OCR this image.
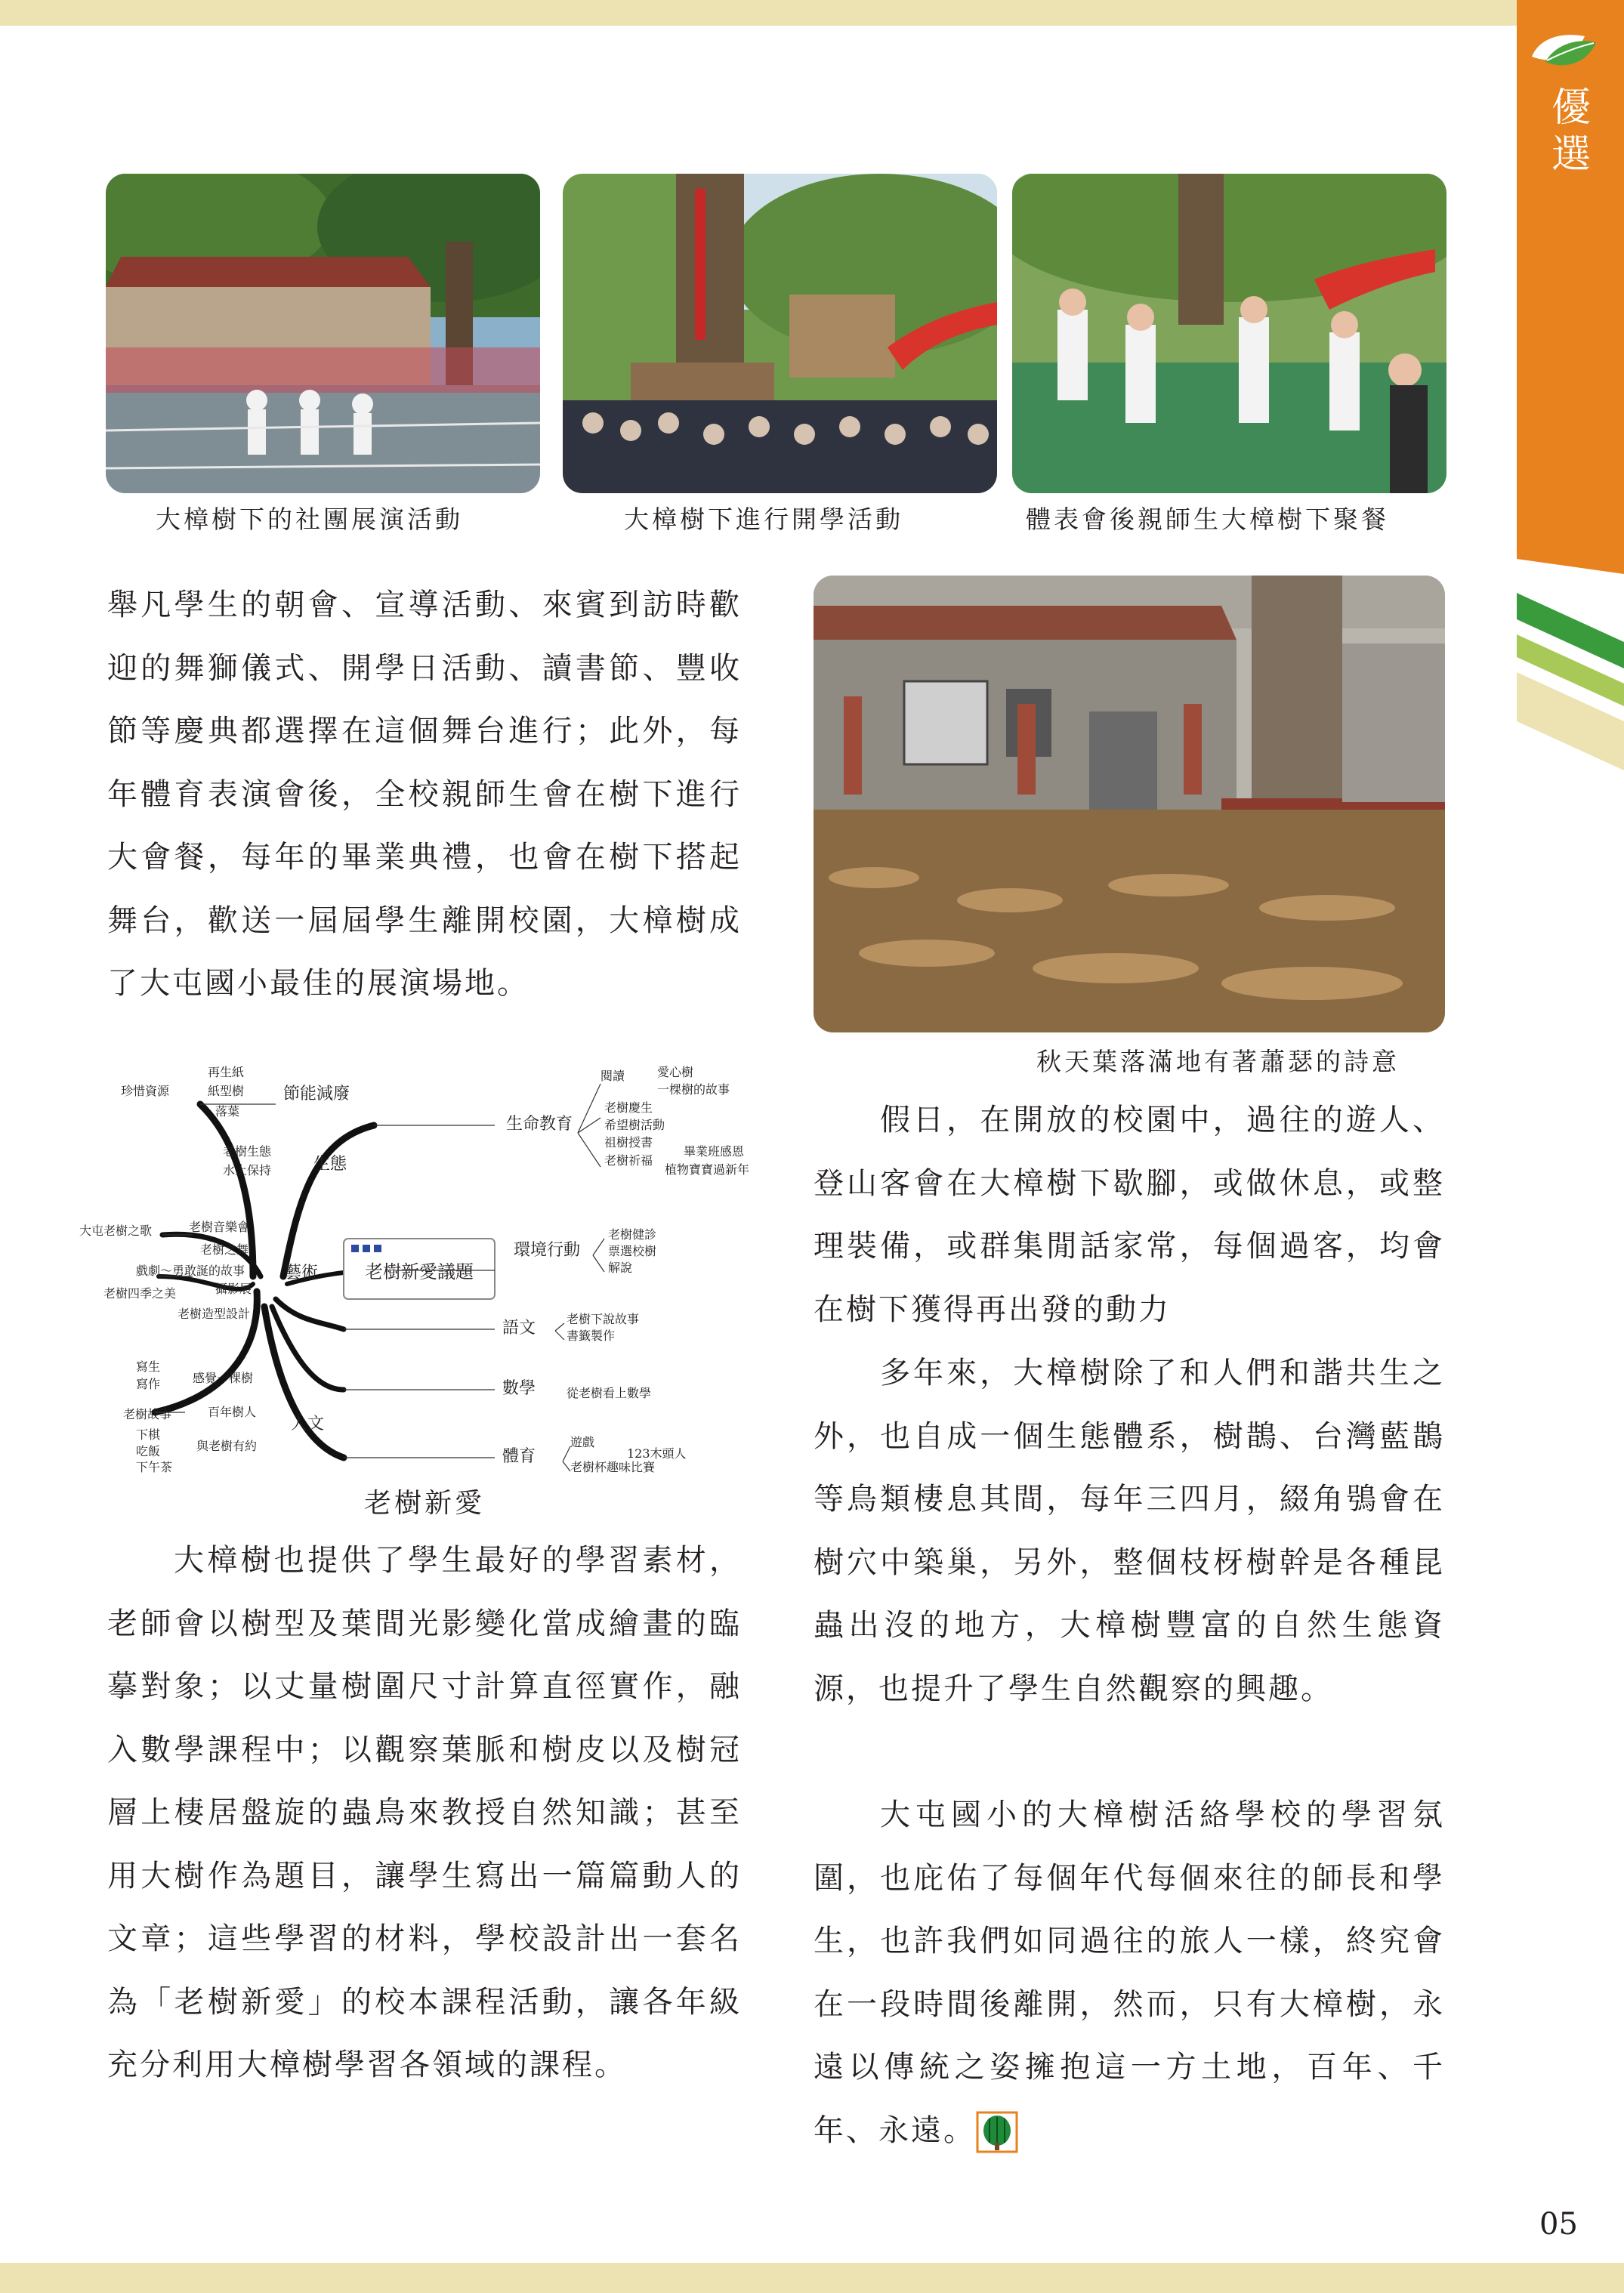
優
選
大樟樹下的社團展演活動	大樟樹下進行開學活動	體表會後親師生大樟樹下聚餐

舉凡學生的朝會、宣導活動、來賓到訪時歡迎的舞獅儀式、開學日活動、讀書節、豐收節等慶典都選擇在這個舞台進行；此外，每年體育表演會後，全校親師生會在樹下進行大會餐，每年的畢業典禮，也會在樹下搭起舞台，歡送一屆屆學生離開校園，大樟樹成了大屯國小最佳的展演場地。

老樹新愛議題
節能減廢
再生紙
紙型樹
落葉
珍惜資源
生態
老樹生態
水土保持
藝術
老樹音樂會
大屯老樹之歌
老樹之舞
戲劇～勇敢誕的故事
攝影展
老樹四季之美
老樹造型設計
人文
感覺一棵樹
寫生
寫作
百年樹人
老樹故事
與老樹有約
下棋
吃飯
下午茶
生命教育
閱讀	愛心樹
一棵樹的故事
老樹慶生
希望樹活動
祖樹授書
老樹祈福
畢業班感恩
植物寶寶過新年
環境行動
老樹健診
票選校樹
解說
語文	老樹下說故事
書籤製作
數學	從老樹看上數學
體育
遊戲
123木頭人
老樹杯趣味比賽
老樹新愛

大樟樹也提供了學生最好的學習素材，老師會以樹型及葉間光影變化當成繪畫的臨摹對象；以丈量樹圍尺寸計算直徑實作，融入數學課程中；以觀察葉脈和樹皮以及樹冠層上棲居盤旋的蟲鳥來教授自然知識；甚至用大樹作為題目，讓學生寫出一篇篇動人的文章；這些學習的材料，學校設計出一套名為「老樹新愛」的校本課程活動，讓各年級充分利用大樟樹學習各領域的課程。

秋天葉落滿地有著蕭瑟的詩意

假日，在開放的校園中，過往的遊人、登山客會在大樟樹下歇腳，或做休息，或整理裝備，或群集閒話家常，每個過客，均會在樹下獲得再出發的動力

多年來，大樟樹除了和人們和諧共生之外，也自成一個生態體系，樹鵲、台灣藍鵲等鳥類棲息其間，每年三四月，綴角鴞會在樹穴中築巢，另外，整個枝枒樹幹是各種昆蟲出沒的地方，大樟樹豐富的自然生態資源，也提升了學生自然觀察的興趣。

大屯國小的大樟樹活絡學校的學習氛圍，也庇佑了每個年代每個來往的師長和學生，也許我們如同過往的旅人一樣，終究會在一段時間後離開，然而，只有大樟樹，永遠以傳統之姿擁抱這一方土地，百年、千年、永遠。

05
